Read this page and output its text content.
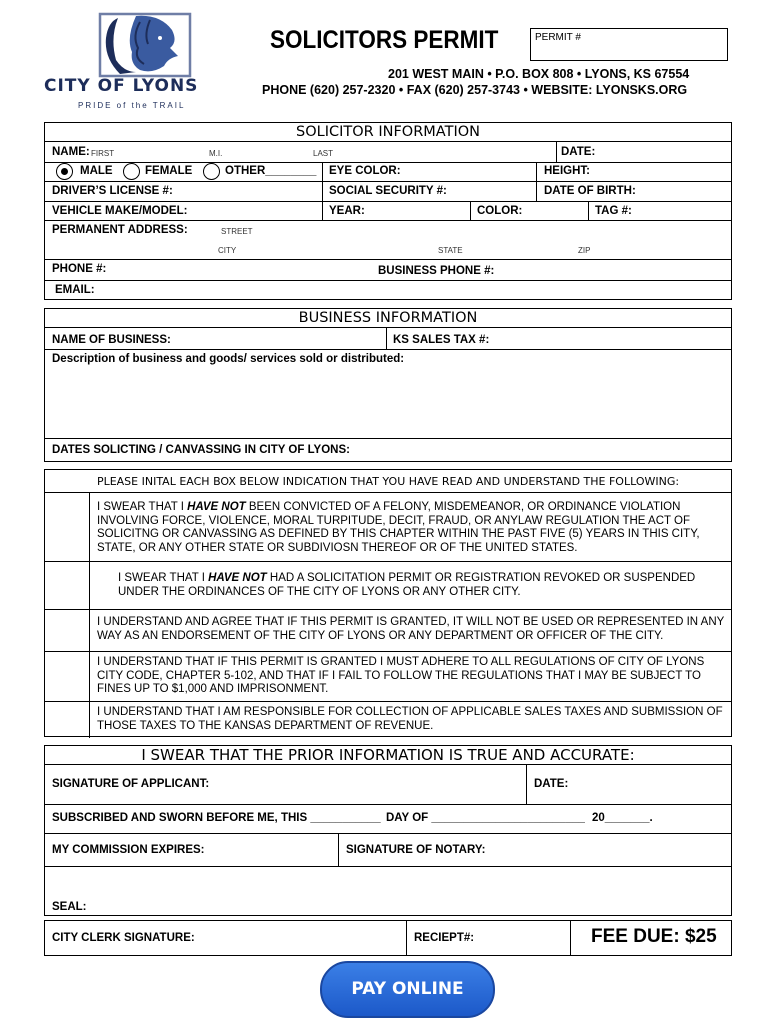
CITY OF LYONS
PRIDE of the TRAIL
SOLICITORS PERMIT	PERMIT #
201 WEST MAIN • P.O. BOX 808 • LYONS, KS 67554
PHONE (620) 257-2320 • FAX (620) 257-3743 • WEBSITE: LYONSKS.ORG
SOLICITOR INFORMATION
NAME: FIRST	M.I.	LAST	DATE:
MALE	FEMALE	OTHER________ EYE COLOR:	HEIGHT:
DRIVER’S LICENSE #:	SOCIAL SECURITY #:	DATE OF BIRTH:
VEHICLE MAKE/MODEL:	YEAR:	COLOR:	TAG #:
PERMANENT ADDRESS:	STREET
CITY	STATE	ZIP
PHONE #:	BUSINESS PHONE #:
EMAIL:
BUSINESS INFORMATION
NAME OF BUSINESS:	KS SALES TAX #:
Description of business and goods/ services sold or distributed:
DATES SOLICTING / CANVASSING IN CITY OF LYONS:
PLEASE INITAL EACH BOX BELOW INDICATION THAT YOU HAVE READ AND UNDERSTAND THE FOLLOWING:
I SWEAR THAT I HAVE NOT BEEN CONVICTED OF A FELONY, MISDEMEANOR, OR ORDINANCE VIOLATION INVOLVING FORCE, VIOLENCE, MORAL TURPITUDE, DECIT, FRAUD, OR ANYLAW REGULATION THE ACT OF SOLICITNG OR CANVASSING AS DEFINED BY THIS CHAPTER WITHIN THE PAST FIVE (5) YEARS IN THIS CITY, STATE, OR ANY OTHER STATE OR SUBDIVIOSN THEREOF OR OF THE UNITED STATES.
I SWEAR THAT I HAVE NOT HAD A SOLICITATION PERMIT OR REGISTRATION REVOKED OR SUSPENDED UNDER THE ORDINANCES OF THE CITY OF LYONS OR ANY OTHER CITY.
I UNDERSTAND AND AGREE THAT IF THIS PERMIT IS GRANTED, IT WILL NOT BE USED OR REPRESENTED IN ANY WAY AS AN ENDORSEMENT OF THE CITY OF LYONS OR ANY DEPARTMENT OR OFFICER OF THE CITY.
I UNDERSTAND THAT IF THIS PERMIT IS GRANTED I MUST ADHERE TO ALL REGULATIONS OF CITY OF LYONS CITY CODE, CHAPTER 5-102, AND THAT IF I FAIL TO FOLLOW THE REGULATIONS THAT I MAY BE SUBJECT TO FINES UP TO $1,000 AND IMPRISONMENT.
I UNDERSTAND THAT I AM RESPONSIBLE FOR COLLECTION OF APPLICABLE SALES TAXES AND SUBMISSION OF THOSE TAXES TO THE KANSAS DEPARTMENT OF REVENUE.
I SWEAR THAT THE PRIOR INFORMATION IS TRUE AND ACCURATE:
SIGNATURE OF APPLICANT:	DATE:
SUBSCRIBED AND SWORN BEFORE ME, THIS ___________ DAY OF ________________________ 20_______.
MY COMMISSION EXPIRES:	SIGNATURE OF NOTARY:
SEAL:
CITY CLERK SIGNATURE:	RECIEPT#:	FEE DUE: $25
PAY ONLINE
